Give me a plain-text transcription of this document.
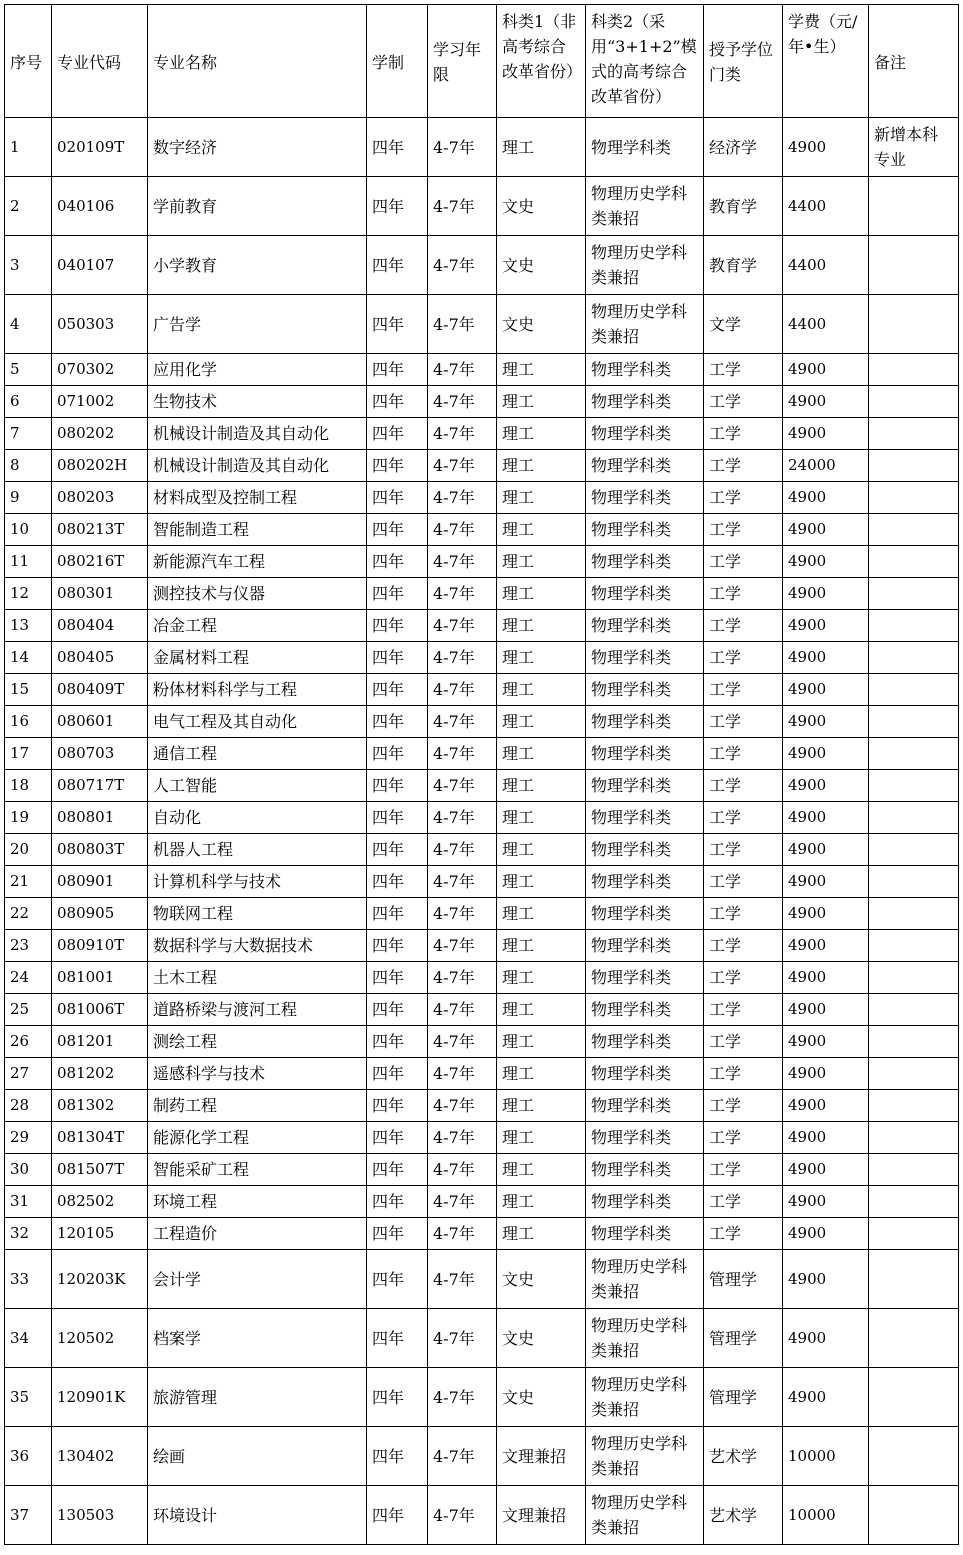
序号	专业代码	专业名称	学制	学习年限	科类1（非高考综合改革省份）	科类2（采用“3+1+2”模式的高考综合改革省份）	授予学位门类	学费（元/年•生）	备注
1	020109T	数字经济	四年	4-7年	理工	物理学科类	经济学	4900	新增本科专业
2	040106	学前教育	四年	4-7年	文史	物理历史学科类兼招	教育学	4400	
3	040107	小学教育	四年	4-7年	文史	物理历史学科类兼招	教育学	4400	
4	050303	广告学	四年	4-7年	文史	物理历史学科类兼招	文学	4400	
5	070302	应用化学	四年	4-7年	理工	物理学科类	工学	4900	
6	071002	生物技术	四年	4-7年	理工	物理学科类	工学	4900	
7	080202	机械设计制造及其自动化	四年	4-7年	理工	物理学科类	工学	4900	
8	080202H	机械设计制造及其自动化	四年	4-7年	理工	物理学科类	工学	24000	
9	080203	材料成型及控制工程	四年	4-7年	理工	物理学科类	工学	4900	
10	080213T	智能制造工程	四年	4-7年	理工	物理学科类	工学	4900	
11	080216T	新能源汽车工程	四年	4-7年	理工	物理学科类	工学	4900	
12	080301	测控技术与仪器	四年	4-7年	理工	物理学科类	工学	4900	
13	080404	冶金工程	四年	4-7年	理工	物理学科类	工学	4900	
14	080405	金属材料工程	四年	4-7年	理工	物理学科类	工学	4900	
15	080409T	粉体材料科学与工程	四年	4-7年	理工	物理学科类	工学	4900	
16	080601	电气工程及其自动化	四年	4-7年	理工	物理学科类	工学	4900	
17	080703	通信工程	四年	4-7年	理工	物理学科类	工学	4900	
18	080717T	人工智能	四年	4-7年	理工	物理学科类	工学	4900	
19	080801	自动化	四年	4-7年	理工	物理学科类	工学	4900	
20	080803T	机器人工程	四年	4-7年	理工	物理学科类	工学	4900	
21	080901	计算机科学与技术	四年	4-7年	理工	物理学科类	工学	4900	
22	080905	物联网工程	四年	4-7年	理工	物理学科类	工学	4900	
23	080910T	数据科学与大数据技术	四年	4-7年	理工	物理学科类	工学	4900	
24	081001	土木工程	四年	4-7年	理工	物理学科类	工学	4900	
25	081006T	道路桥梁与渡河工程	四年	4-7年	理工	物理学科类	工学	4900	
26	081201	测绘工程	四年	4-7年	理工	物理学科类	工学	4900	
27	081202	遥感科学与技术	四年	4-7年	理工	物理学科类	工学	4900	
28	081302	制药工程	四年	4-7年	理工	物理学科类	工学	4900	
29	081304T	能源化学工程	四年	4-7年	理工	物理学科类	工学	4900	
30	081507T	智能采矿工程	四年	4-7年	理工	物理学科类	工学	4900	
31	082502	环境工程	四年	4-7年	理工	物理学科类	工学	4900	
32	120105	工程造价	四年	4-7年	理工	物理学科类	工学	4900	
33	120203K	会计学	四年	4-7年	文史	物理历史学科类兼招	管理学	4900	
34	120502	档案学	四年	4-7年	文史	物理历史学科类兼招	管理学	4900	
35	120901K	旅游管理	四年	4-7年	文史	物理历史学科类兼招	管理学	4900	
36	130402	绘画	四年	4-7年	文理兼招	物理历史学科类兼招	艺术学	10000	
37	130503	环境设计	四年	4-7年	文理兼招	物理历史学科类兼招	艺术学	10000	
